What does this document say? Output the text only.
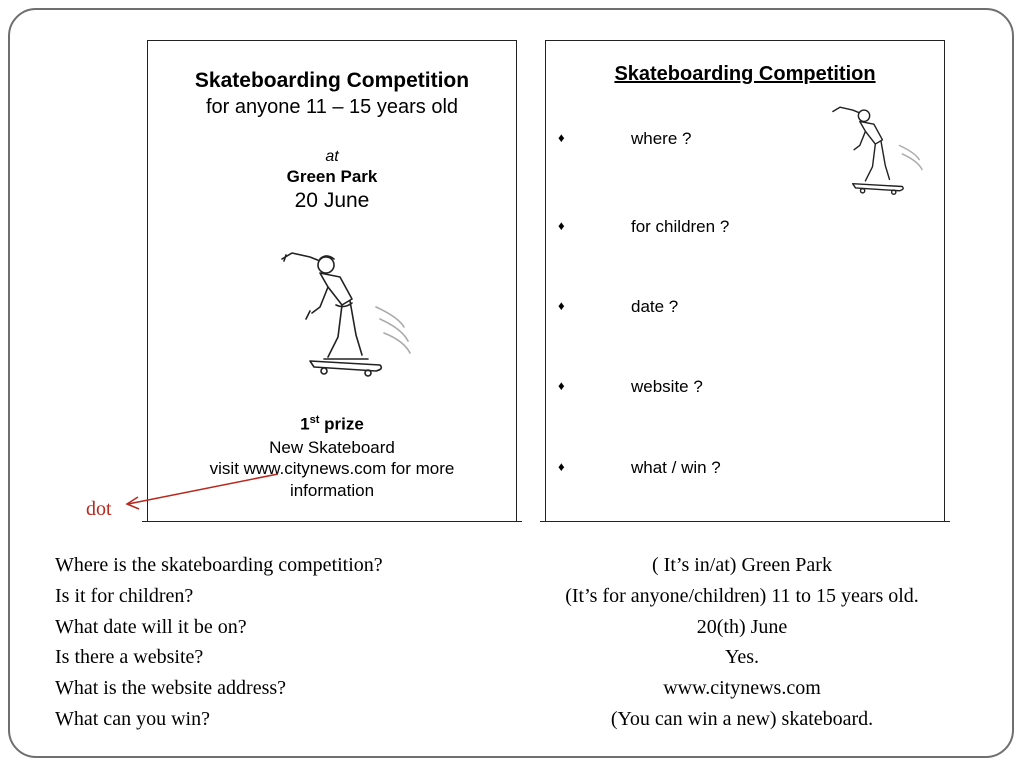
Skateboarding Competition
for anyone 11 – 15 years old
at
Green Park
20 June
1st prize
New Skateboard
visit www.citynews.com for more
information
Skateboarding Competition
♦	where ?
♦	for children ?
♦	date ?
♦	website ?
♦	what / win ?
dot
Where is the skateboarding competition?	( It’s in/at) Green Park
Is it for children?	(It’s for anyone/children) 11 to 15 years old.
What date will it be on?	20(th) June
Is there a website?	Yes.
What is the website address?	www.citynews.com
What can you win?	(You can win a new) skateboard.
